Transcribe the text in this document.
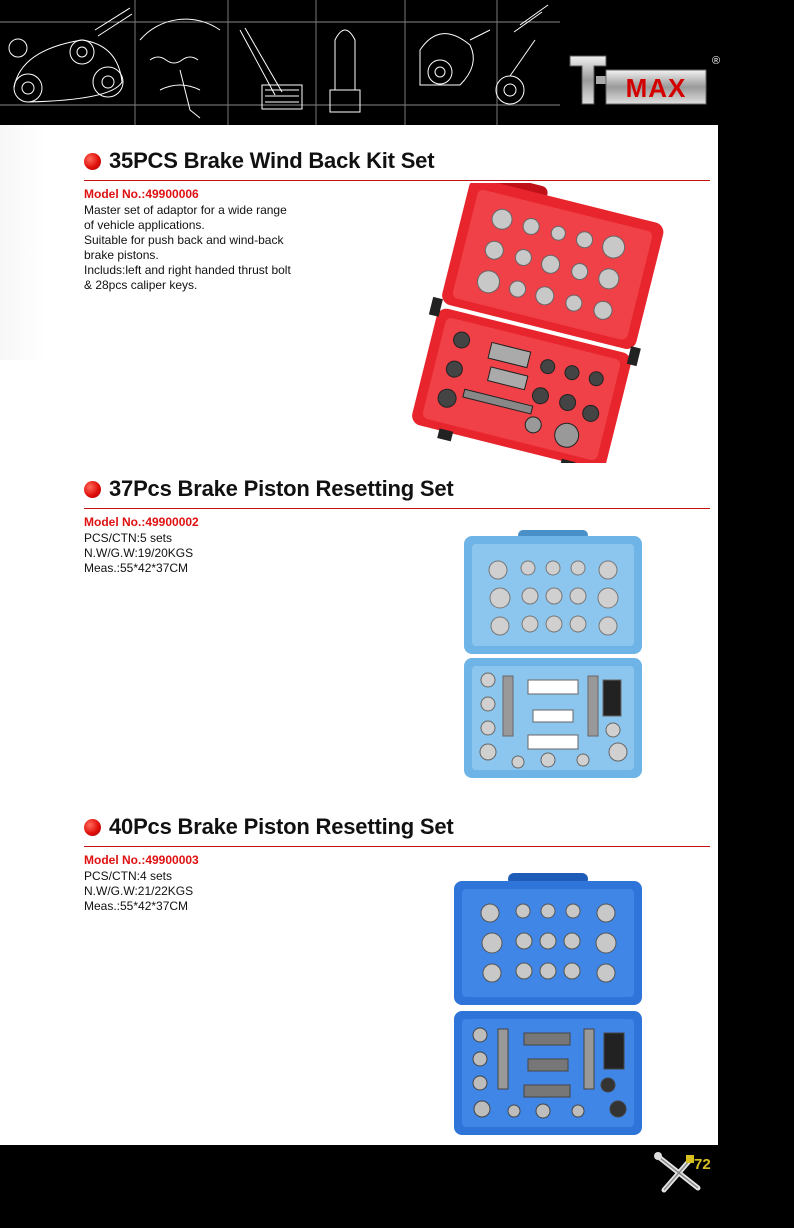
MAX
®
35PCS Brake Wind Back Kit Set
Model No.:49900006
Master set of adaptor for a wide range
of vehicle applications.
Suitable for push back and wind-back
brake pistons.
Includs:left and right handed thrust bolt
& 28pcs caliper keys.
37Pcs Brake Piston Resetting Set
Model No.:49900002
PCS/CTN:5 sets
N.W/G.W:19/20KGS
Meas.:55*42*37CM
40Pcs Brake Piston Resetting Set
Model No.:49900003
PCS/CTN:4 sets
N.W/G.W:21/22KGS
Meas.:55*42*37CM
72
